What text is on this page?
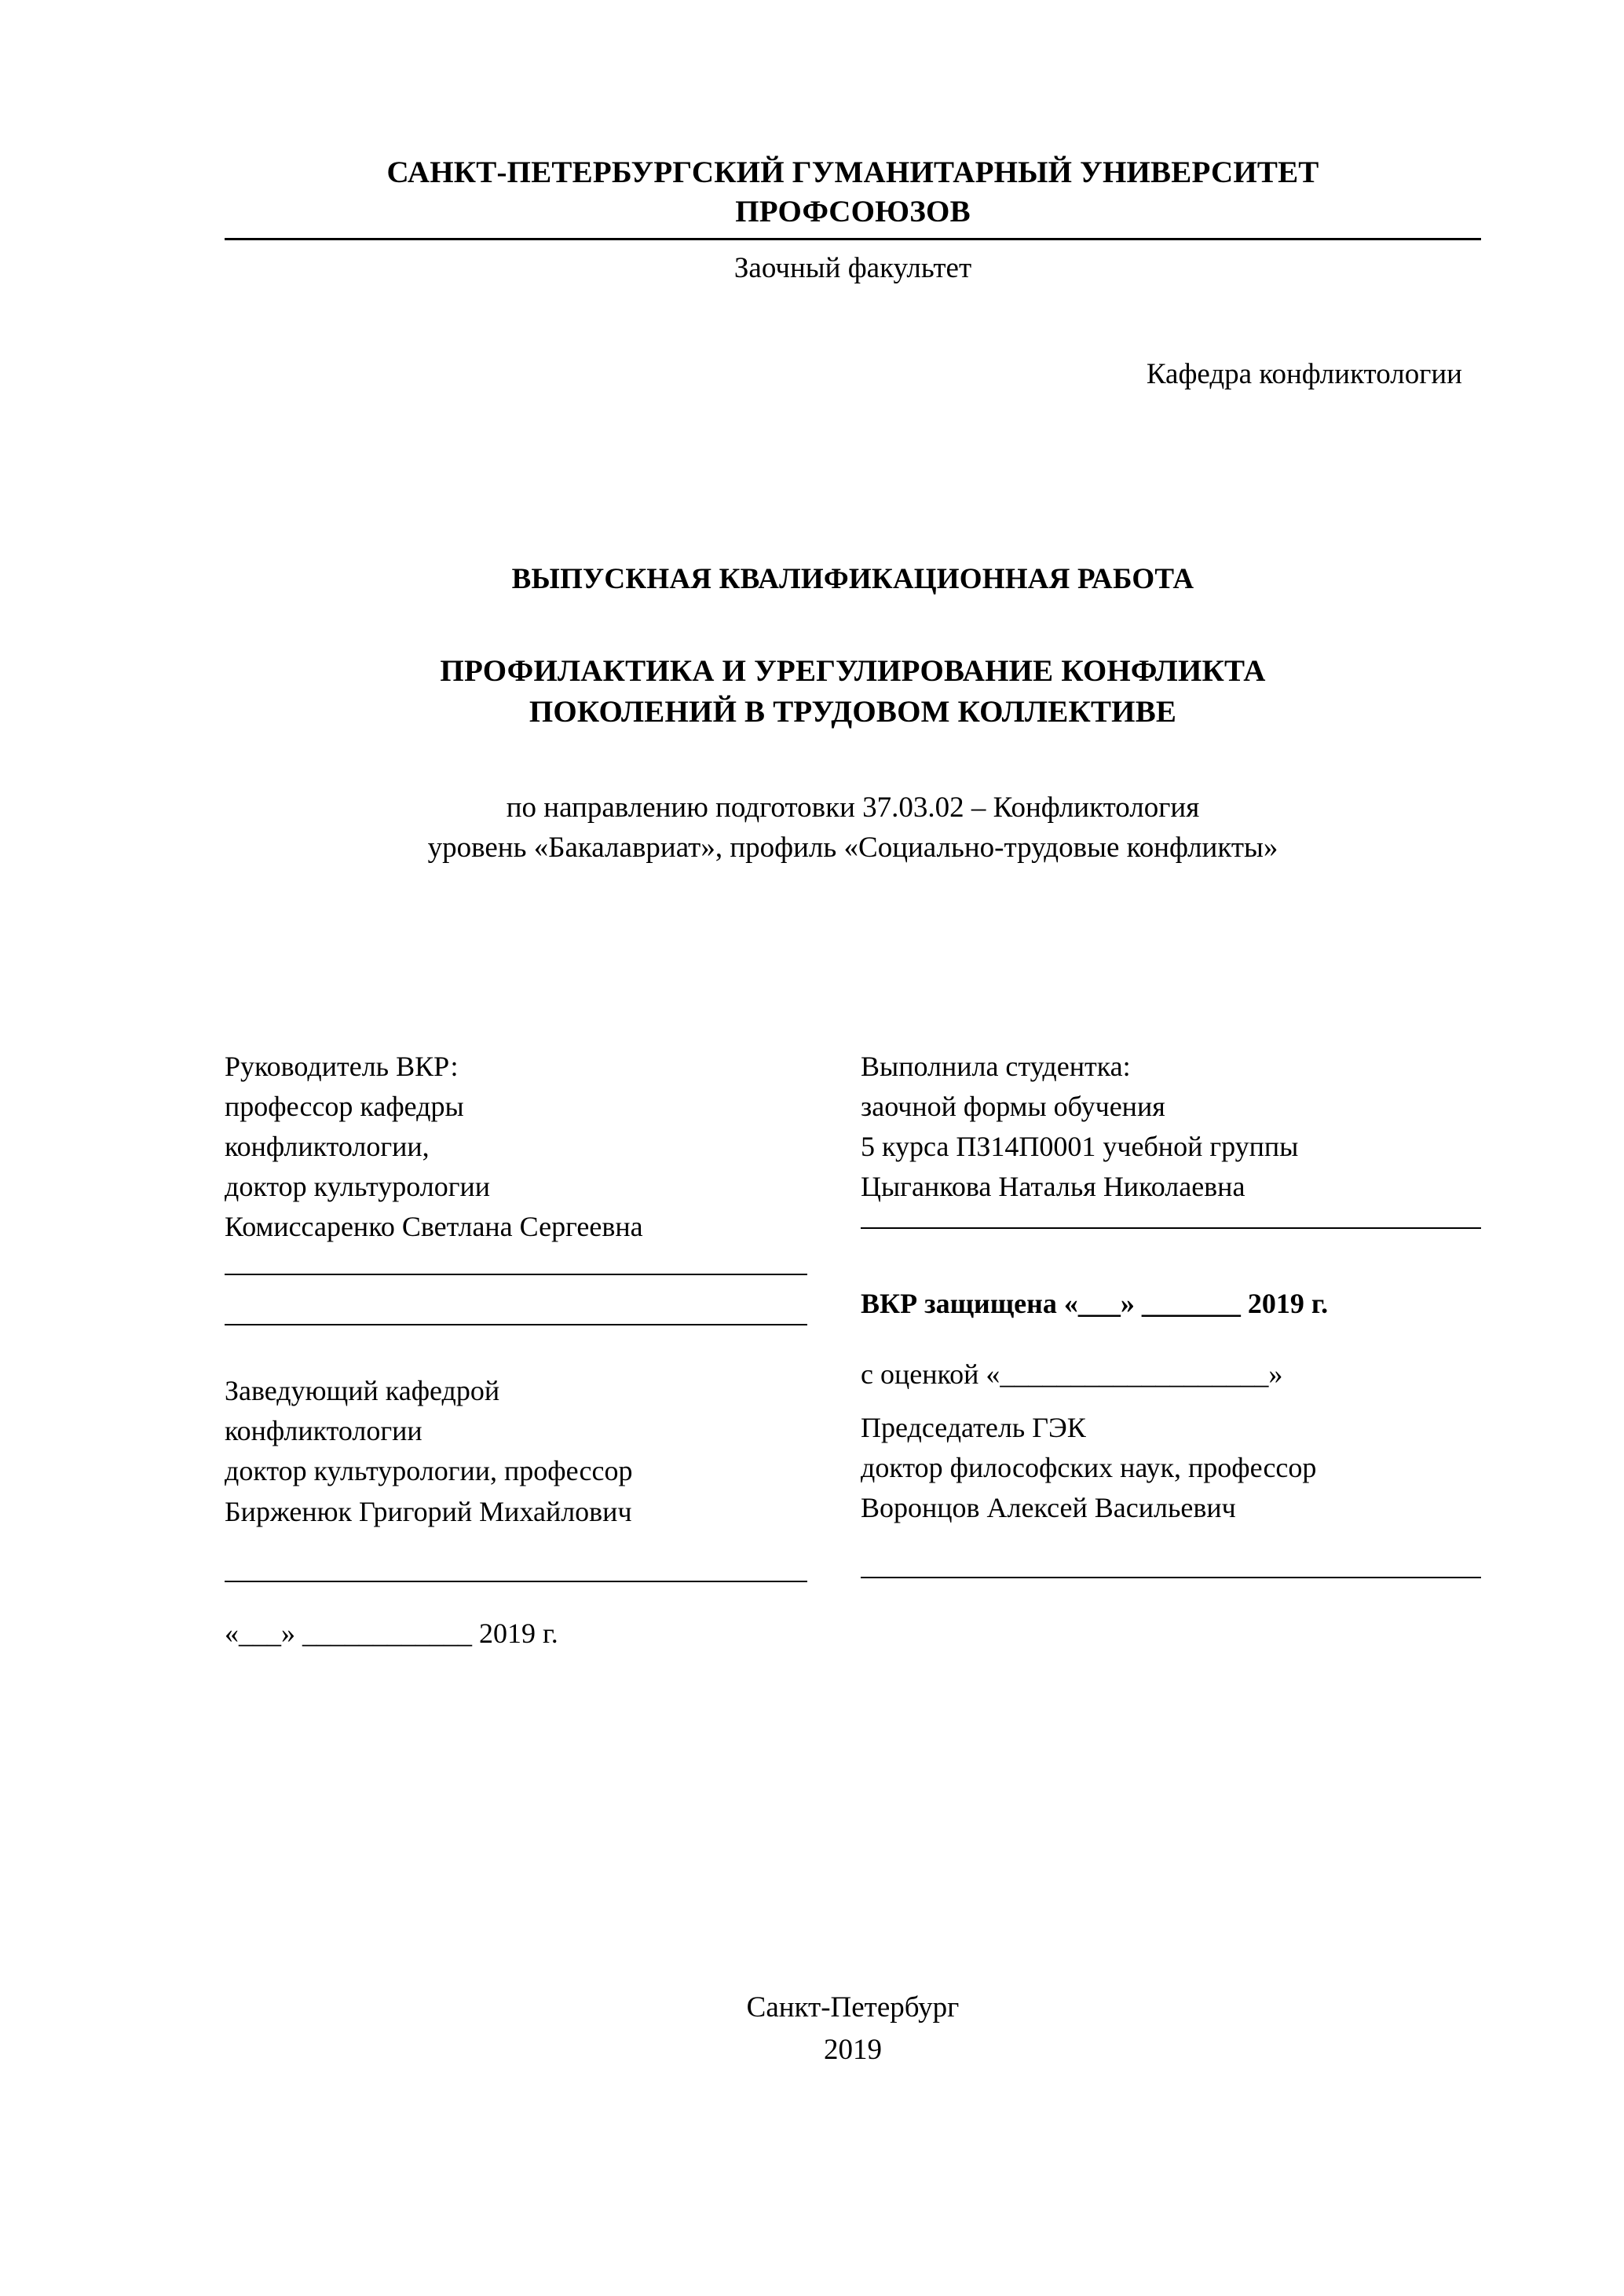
САНКТ-ПЕТЕРБУРГСКИЙ ГУМАНИТАРНЫЙ УНИВЕРСИТЕТ
ПРОФСОЮЗОВ
Заочный факультет
Кафедра конфликтологии
ВЫПУСКНАЯ КВАЛИФИКАЦИОННАЯ РАБОТА
ПРОФИЛАКТИКА И УРЕГУЛИРОВАНИЕ КОНФЛИКТА
ПОКОЛЕНИЙ В ТРУДОВОМ КОЛЛЕКТИВЕ
по направлению подготовки 37.03.02 – Конфликтология
уровень «Бакалавриат», профиль «Социально-трудовые конфликты»
Руководитель ВКР:
профессор кафедры
конфликтологии,
доктор культурологии
Комиссаренко Светлана Сергеевна
Заведующий кафедрой
конфликтологии
доктор культурологии, профессор
Бирженюк Григорий Михайлович
«___» ____________ 2019 г.
Выполнила студентка:
заочной формы обучения
5 курса ПЗ14П0001 учебной группы
Цыганкова Наталья Николаевна
ВКР защищена «___» _______ 2019 г.
с оценкой «___________________»
Председатель ГЭК
доктор философских наук, профессор
Воронцов Алексей Васильевич
Санкт-Петербург
2019
